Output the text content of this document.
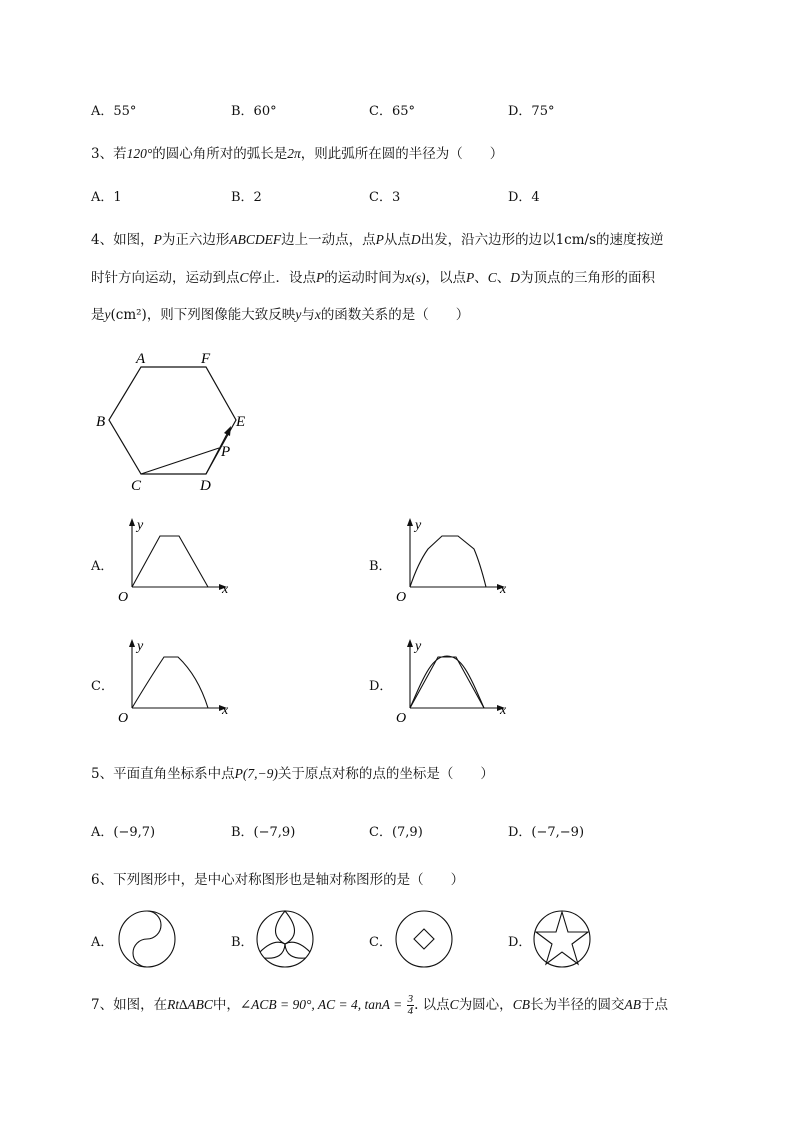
A．55°	B．60°	C．65°	D．75°
3、若120°的圆心角所对的弧长是2π，则此弧所在圆的半径为（　　）
A．1	B．2	C．3	D．4
4、如图，P为正六边形ABCDEF边上一动点，点P从点D出发，沿六边形的边以1cm/s的速度按逆
时针方向运动，运动到点C停止．设点P的运动时间为x(s)，以点P、C、D为顶点的三角形的面积
是y(cm²)，则下列图像能大致反映y与x的函数关系的是（　　）
A	F
B	E
P
C	D
A．	B．
C．	D．
y
x
O
y
x
O
y
x
O
y
x
O
5、平面直角坐标系中点P(7,−9)关于原点对称的点的坐标是（　　）
A．(−9,7)	B．(−7,9)	C．(7,9)	D．(−7,−9)
6、下列图形中，是中心对称图形也是轴对称图形的是（　　）
A．	B．	C．	D．
7、如图，在Rt∆ABC中，∠ACB = 90°, AC = 4, $\tan A = \frac{3}{4}$ . 以点C为圆心，CB长为半径的圆交AB于点
